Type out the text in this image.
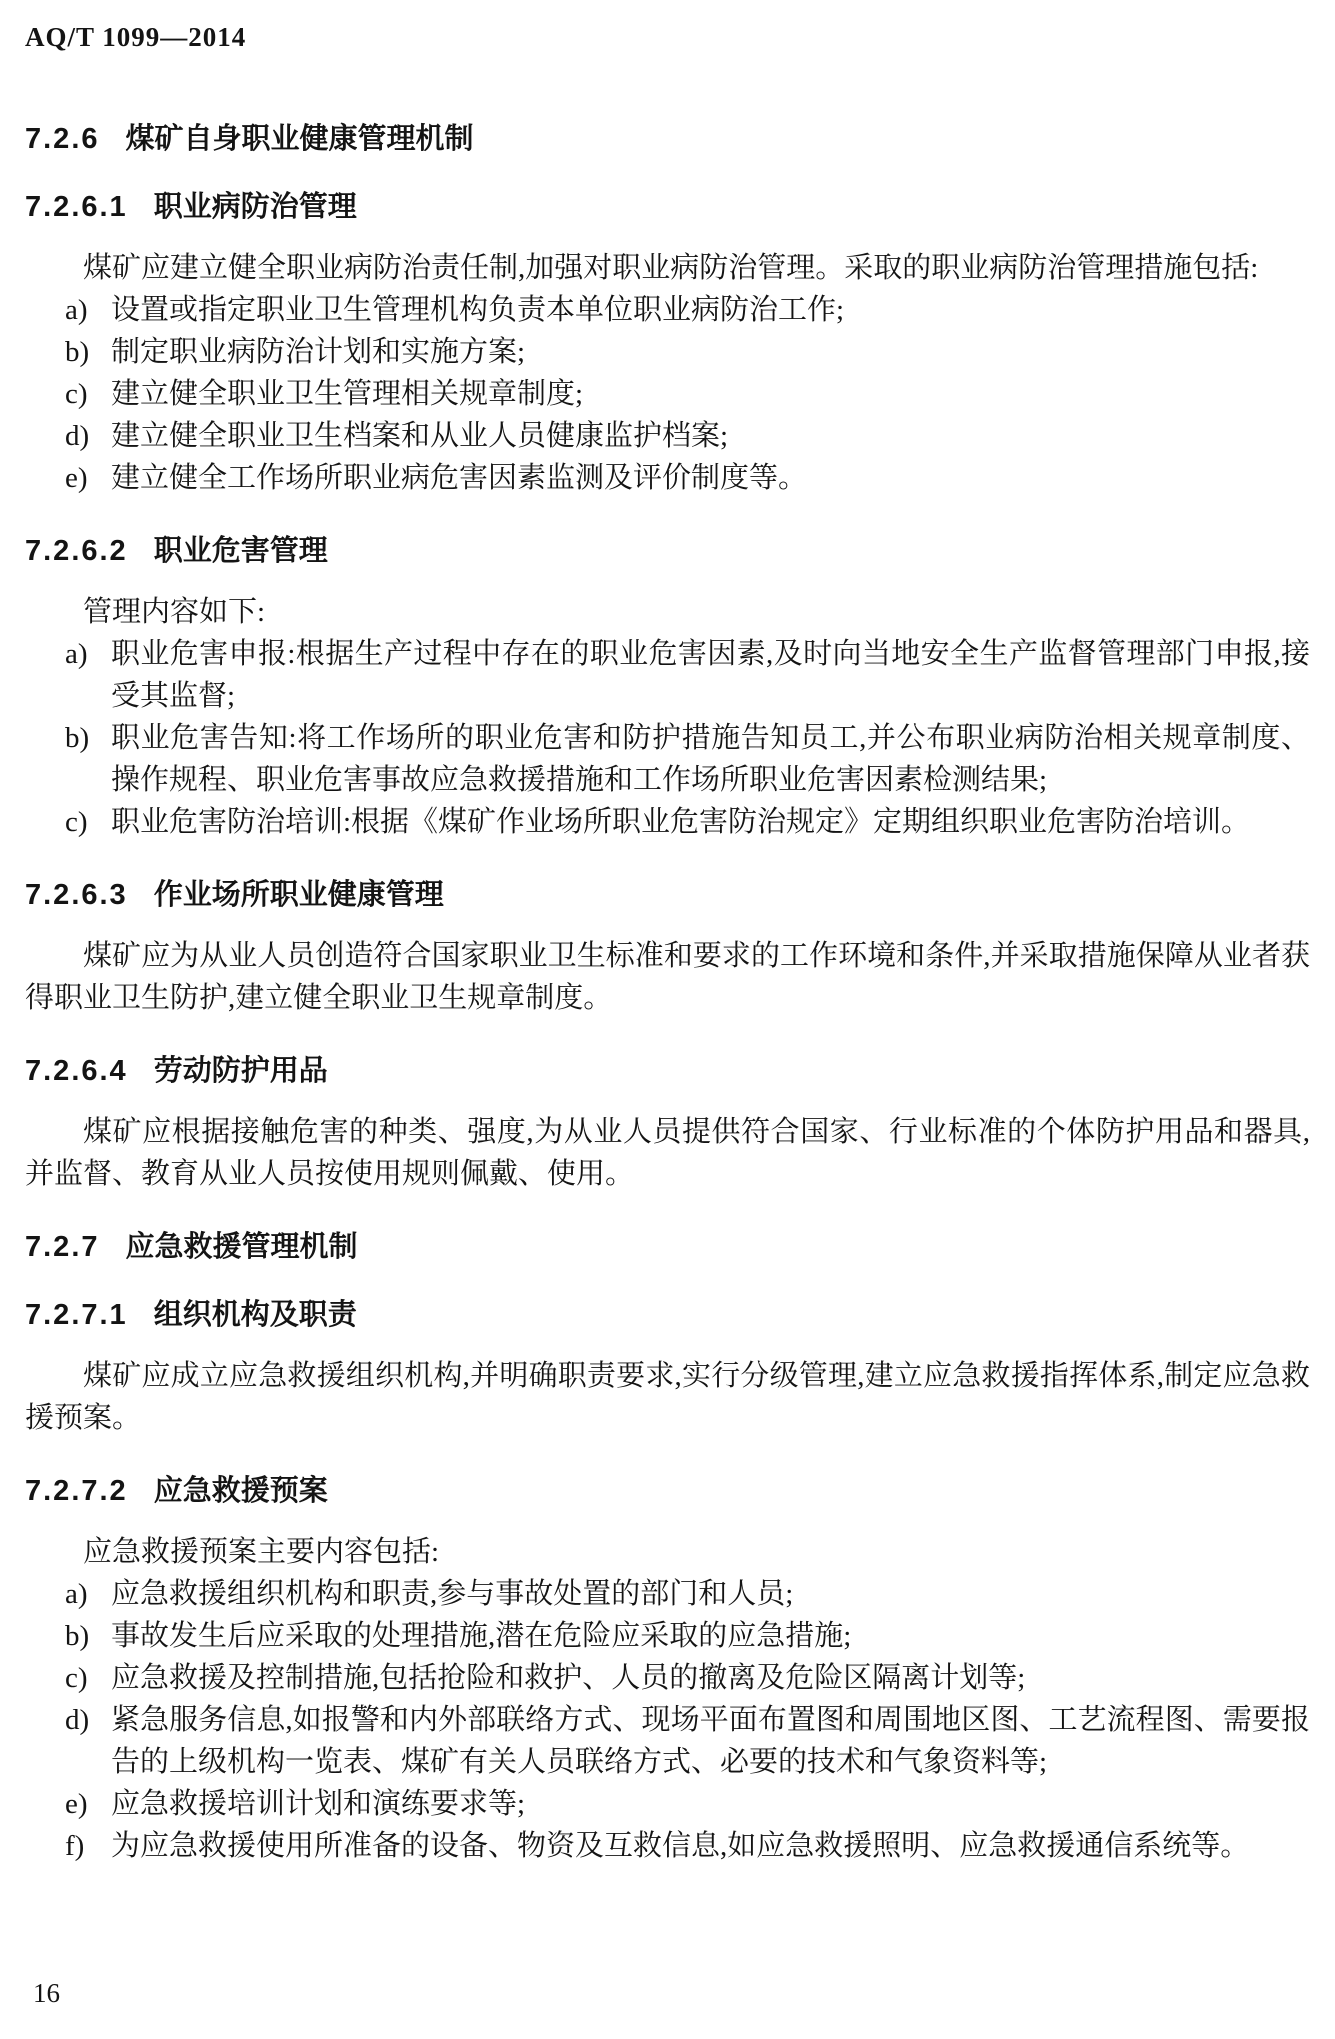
AQ/T 1099—2014

7.2.6 煤矿自身职业健康管理机制
7.2.6.1 职业病防治管理

煤矿应建立健全职业病防治责任制,加强对职业病防治管理。采取的职业病防治管理措施包括:

a) 设置或指定职业卫生管理机构负责本单位职业病防治工作;
b) 制定职业病防治计划和实施方案;
c) 建立健全职业卫生管理相关规章制度;
d) 建立健全职业卫生档案和从业人员健康监护档案;
e) 建立健全工作场所职业病危害因素监测及评价制度等。
7.2.6.2 职业危害管理

管理内容如下:

a) 职业危害申报:根据生产过程中存在的职业危害因素,及时向当地安全生产监督管理部门申报,接受其监督;
b) 职业危害告知:将工作场所的职业危害和防护措施告知员工,并公布职业病防治相关规章制度、操作规程、职业危害事故应急救援措施和工作场所职业危害因素检测结果;
c) 职业危害防治培训:根据《煤矿作业场所职业危害防治规定》定期组织职业危害防治培训。
7.2.6.3 作业场所职业健康管理

煤矿应为从业人员创造符合国家职业卫生标准和要求的工作环境和条件,并采取措施保障从业者获得职业卫生防护,建立健全职业卫生规章制度。

7.2.6.4 劳动防护用品

煤矿应根据接触危害的种类、强度,为从业人员提供符合国家、行业标准的个体防护用品和器具,并监督、教育从业人员按使用规则佩戴、使用。

7.2.7 应急救援管理机制
7.2.7.1 组织机构及职责

煤矿应成立应急救援组织机构,并明确职责要求,实行分级管理,建立应急救援指挥体系,制定应急救援预案。

7.2.7.2 应急救援预案

应急救援预案主要内容包括:

a) 应急救援组织机构和职责,参与事故处置的部门和人员;
b) 事故发生后应采取的处理措施,潜在危险应采取的应急措施;
c) 应急救援及控制措施,包括抢险和救护、人员的撤离及危险区隔离计划等;
d) 紧急服务信息,如报警和内外部联络方式、现场平面布置图和周围地区图、工艺流程图、需要报告的上级机构一览表、煤矿有关人员联络方式、必要的技术和气象资料等;
e) 应急救援培训计划和演练要求等;
f) 为应急救援使用所准备的设备、物资及互救信息,如应急救援照明、应急救援通信系统等。

16
